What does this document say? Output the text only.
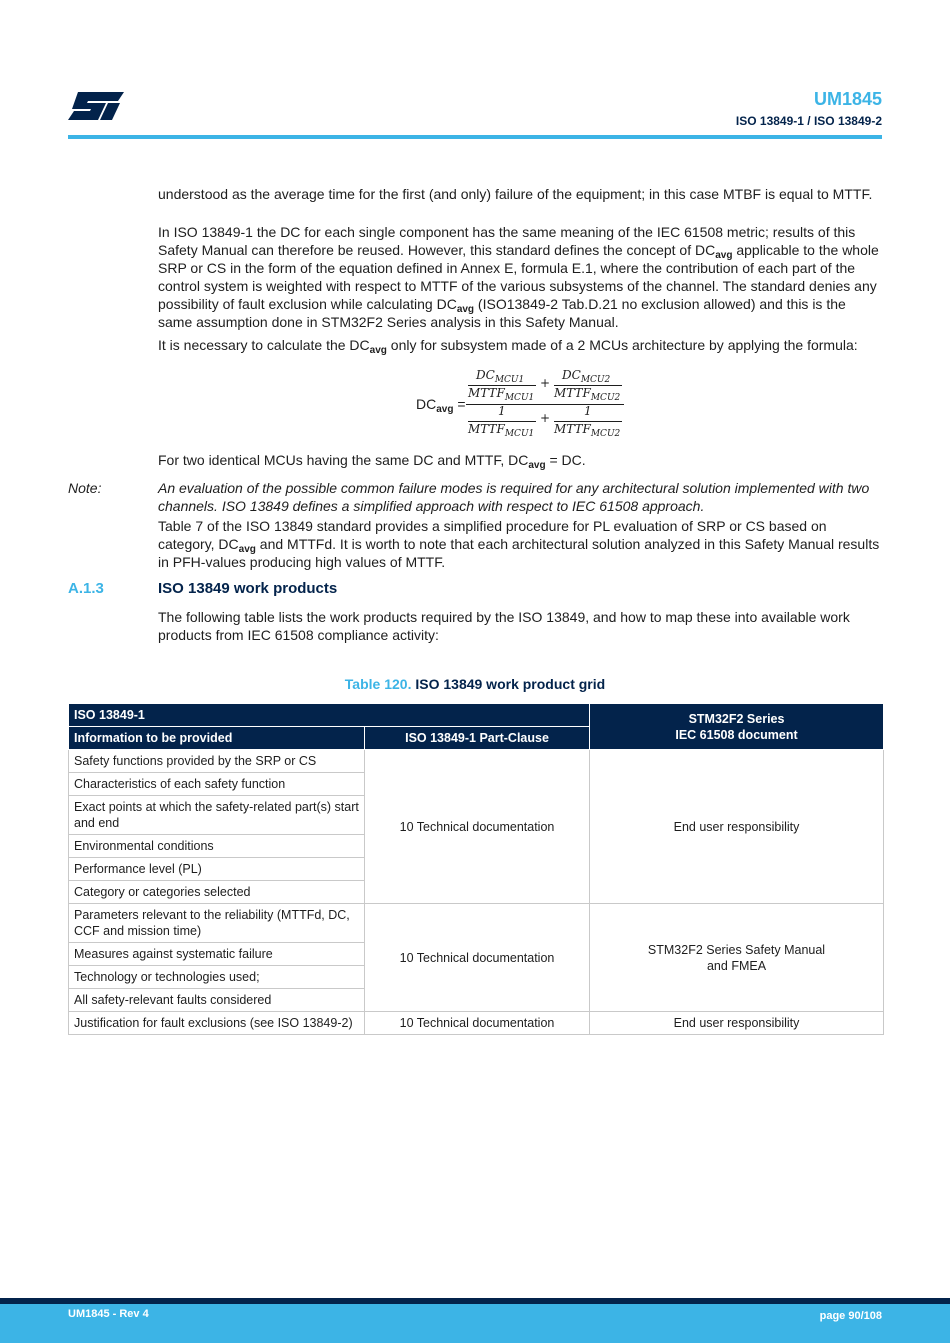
UM1845
ISO 13849-1 / ISO 13849-2

understood as the average time for the first (and only) failure of the equipment; in this case MTBF is equal to MTTF.

In ISO 13849-1 the DC for each single component has the same meaning of the IEC 61508 metric; results of this Safety Manual can therefore be reused. However, this standard defines the concept of $DC_{avg}$ applicable to the whole SRP or CS in the form of the equation defined in Annex E, formula E.1, where the contribution of each part of the control system is weighted with respect to MTTF of the various subsystems of the channel. The standard denies any possibility of fault exclusion while calculating $DC_{avg}$ (ISO13849-2 Tab.D.21 no exclusion allowed) and this is the same assumption done in STM32F2 Series analysis in this Safety Manual.

It is necessary to calculate the $DC_{avg}$ only for subsystem made of a 2 MCUs architecture by applying the formula:

$DC_{avg}$ =
$DC_{MCU1}$
$MTTF_{MCU1}$
+
$DC_{MCU2}$
$MTTF_{MCU2}$
1
$MTTF_{MCU1}$
+	1
$MTTF_{MCU2}$

For two identical MCUs having the same DC and MTTF, $DC_{avg}$ = DC.

Note:	An evaluation of the possible common failure modes is required for any architectural solution implemented with two channels. ISO 13849 defines a simplified approach with respect to IEC 61508 approach.

Table 7 of the ISO 13849 standard provides a simplified procedure for PL evaluation of SRP or CS based on category, $DC_{avg}$ and MTTFd. It is worth to note that each architectural solution analyzed in this Safety Manual results in PFH-values producing high values of MTTF.

A.1.3	ISO 13849 work products

The following table lists the work products required by the ISO 13849, and how to map these into available work products from IEC 61508 compliance activity:

Table 120. ISO 13849 work product grid
ISO 13849-1		STM32F2 Series
IEC 61508 document
Information to be provided	ISO 13849-1 Part-Clause	
Safety functions provided by the SRP or CS	10 Technical documentation	End user responsibility
Characteristics of each safety function		
Exact points at which the safety-related part(s) start and end		
Environmental conditions		
Performance level (PL)		
Category or categories selected		
Parameters relevant to the reliability (MTTFd, DC, CCF and mission time)	10 Technical documentation	STM32F2 Series Safety Manual
and FMEA
Measures against systematic failure		
Technology or technologies used;		
All safety-relevant faults considered		
Justification for fault exclusions (see ISO 13849-2)	10 Technical documentation	End user responsibility
UM1845 - Rev 4	page 90/108
